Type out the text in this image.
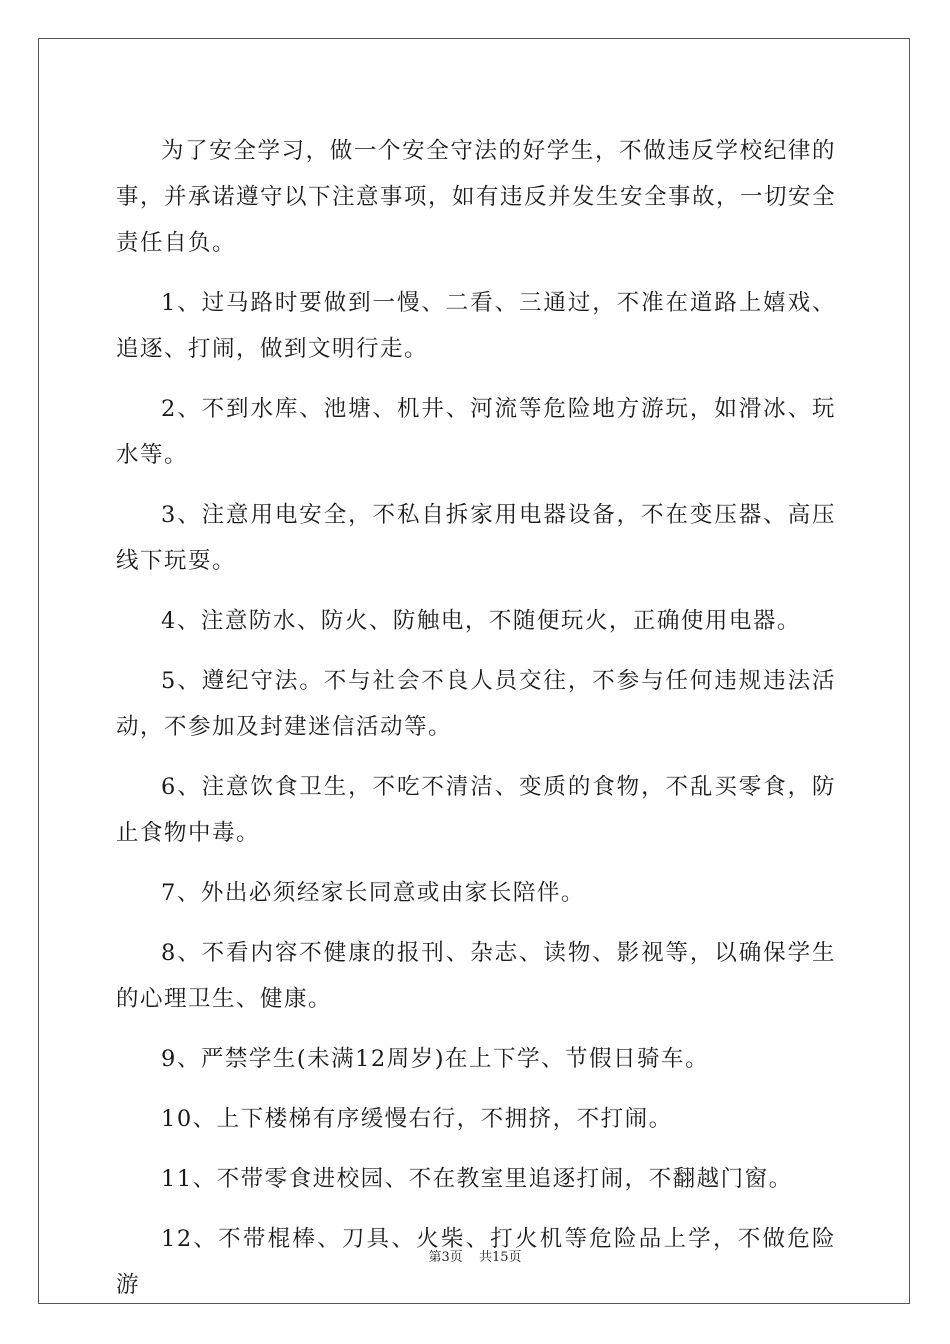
为了安全学习，做一个安全守法的好学生，不做违反学校纪律的事，并承诺遵守以下注意事项，如有违反并发生安全事故，一切安全责任自负。

1、过马路时要做到一慢、二看、三通过，不准在道路上嬉戏、追逐、打闹，做到文明行走。

2、不到水库、池塘、机井、河流等危险地方游玩，如滑冰、玩水等。

3、注意用电安全，不私自拆家用电器设备，不在变压器、高压线下玩耍。

4、注意防水、防火、防触电，不随便玩火，正确使用电器。

5、遵纪守法。不与社会不良人员交往，不参与任何违规违法活动，不参加及封建迷信活动等。

6、注意饮食卫生，不吃不清洁、变质的食物，不乱买零食，防止食物中毒。

7、外出必须经家长同意或由家长陪伴。

8、不看内容不健康的报刊、杂志、读物、影视等，以确保学生的心理卫生、健康。

9、严禁学生(未满12周岁)在上下学、节假日骑车。

10、上下楼梯有序缓慢右行，不拥挤，不打闹。

11、不带零食进校园、不在教室里追逐打闹，不翻越门窗。

12、不带棍棒、刀具、火柴、打火机等危险品上学，不做危险游

第3页 共15页
